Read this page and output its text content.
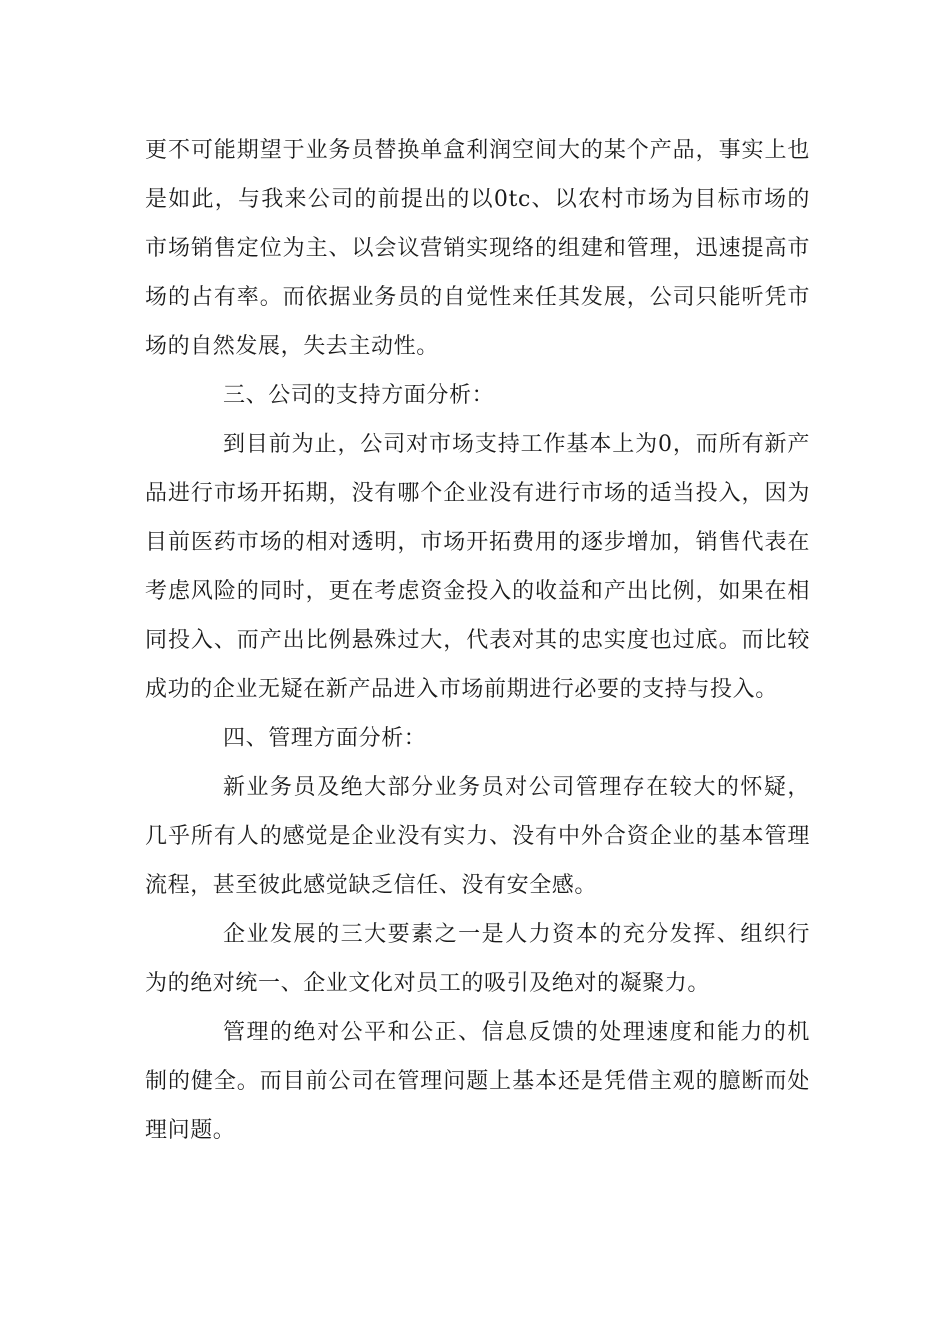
更不可能期望于业务员替换单盒利润空间大的某个产品，事实上也是如此，与我来公司的前提出的以0tc、以农村市场为目标市场的市场销售定位为主、以会议营销实现络的组建和管理，迅速提高市场的占有率。而依据业务员的自觉性来任其发展，公司只能听凭市场的自然发展，失去主动性。

三、公司的支持方面分析：

到目前为止，公司对市场支持工作基本上为0，而所有新产品进行市场开拓期，没有哪个企业没有进行市场的适当投入，因为目前医药市场的相对透明，市场开拓费用的逐步增加，销售代表在考虑风险的同时，更在考虑资金投入的收益和产出比例，如果在相同投入、而产出比例悬殊过大，代表对其的忠实度也过底。而比较成功的企业无疑在新产品进入市场前期进行必要的支持与投入。

四、管理方面分析：

新业务员及绝大部分业务员对公司管理存在较大的怀疑，几乎所有人的感觉是企业没有实力、没有中外合资企业的基本管理流程，甚至彼此感觉缺乏信任、没有安全感。

企业发展的三大要素之一是人力资本的充分发挥、组织行为的绝对统一、企业文化对员工的吸引及绝对的凝聚力。

管理的绝对公平和公正、信息反馈的处理速度和能力的机制的健全。而目前公司在管理问题上基本还是凭借主观的臆断而处理问题。
